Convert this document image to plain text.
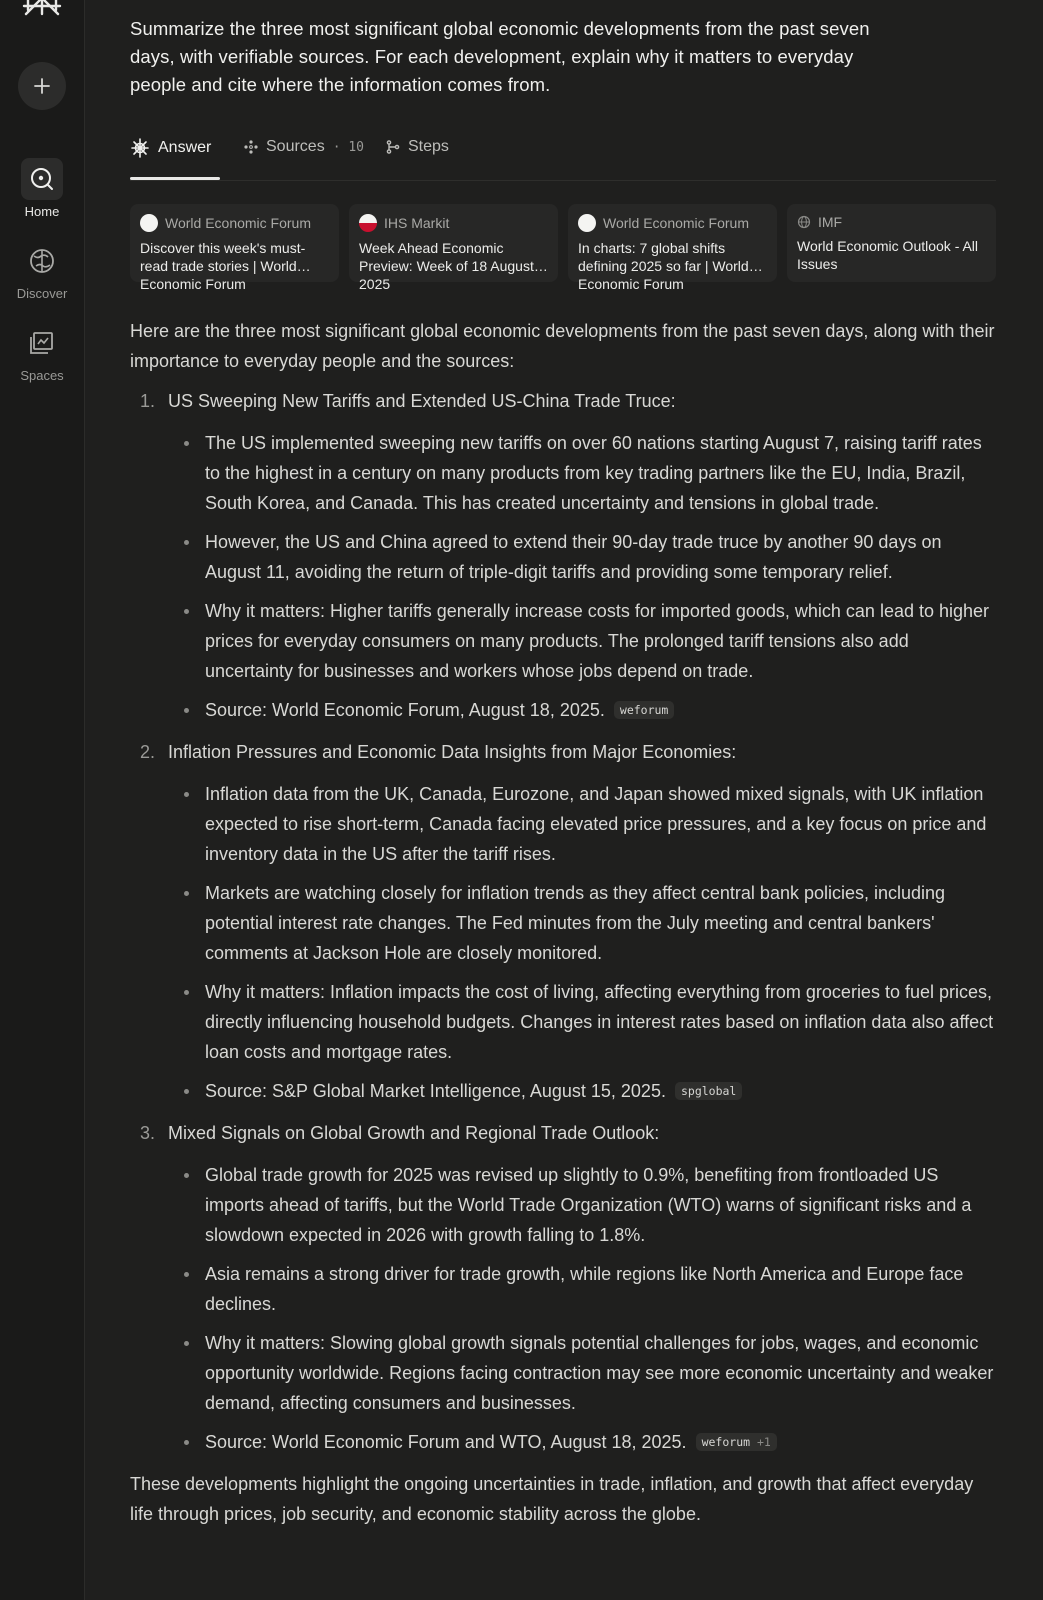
Home
Discover
Spaces
Summarize the three most significant global economic developments from the past seven days, with verifiable sources. For each development, explain why it matters to everyday people and cite where the information comes from.
Answer	Sources · 10	Steps
World Economic Forum
Discover this week's must-read trade stories | World Economic Forum
IHS Markit
Week Ahead Economic Preview: Week of 18 August 2025
World Economic Forum
In charts: 7 global shifts defining 2025 so far | World Economic Forum
IMF
World Economic Outlook - All Issues

Here are the three most significant global economic developments from the past seven days, along with their importance to everyday people and the sources:

1. US Sweeping New Tariffs and Extended US-China Trade Truce:
The US implemented sweeping new tariffs on over 60 nations starting August 7, raising tariff rates to the highest in a century on many products from key trading partners like the EU, India, Brazil, South Korea, and Canada. This has created uncertainty and tensions in global trade.
However, the US and China agreed to extend their 90-day trade truce by another 90 days on August 11, avoiding the return of triple-digit tariffs and providing some temporary relief.
Why it matters: Higher tariffs generally increase costs for imported goods, which can lead to higher prices for everyday consumers on many products. The prolonged tariff tensions also add uncertainty for businesses and workers whose jobs depend on trade.
Source: World Economic Forum, August 18, 2025. weforum
2. Inflation Pressures and Economic Data Insights from Major Economies:
Inflation data from the UK, Canada, Eurozone, and Japan showed mixed signals, with UK inflation expected to rise short-term, Canada facing elevated price pressures, and a key focus on price and inventory data in the US after the tariff rises.
Markets are watching closely for inflation trends as they affect central bank policies, including potential interest rate changes. The Fed minutes from the July meeting and central bankers' comments at Jackson Hole are closely monitored.
Why it matters: Inflation impacts the cost of living, affecting everything from groceries to fuel prices, directly influencing household budgets. Changes in interest rates based on inflation data also affect loan costs and mortgage rates.
Source: S&P Global Market Intelligence, August 15, 2025. spglobal
3. Mixed Signals on Global Growth and Regional Trade Outlook:
Global trade growth for 2025 was revised up slightly to 0.9%, benefiting from frontloaded US imports ahead of tariffs, but the World Trade Organization (WTO) warns of significant risks and a slowdown expected in 2026 with growth falling to 1.8%.
Asia remains a strong driver for trade growth, while regions like North America and Europe face declines.
Why it matters: Slowing global growth signals potential challenges for jobs, wages, and economic opportunity worldwide. Regions facing contraction may see more economic uncertainty and weaker demand, affecting consumers and businesses.
Source: World Economic Forum and WTO, August 18, 2025. weforum +1

These developments highlight the ongoing uncertainties in trade, inflation, and growth that affect everyday life through prices, job security, and economic stability across the globe.
